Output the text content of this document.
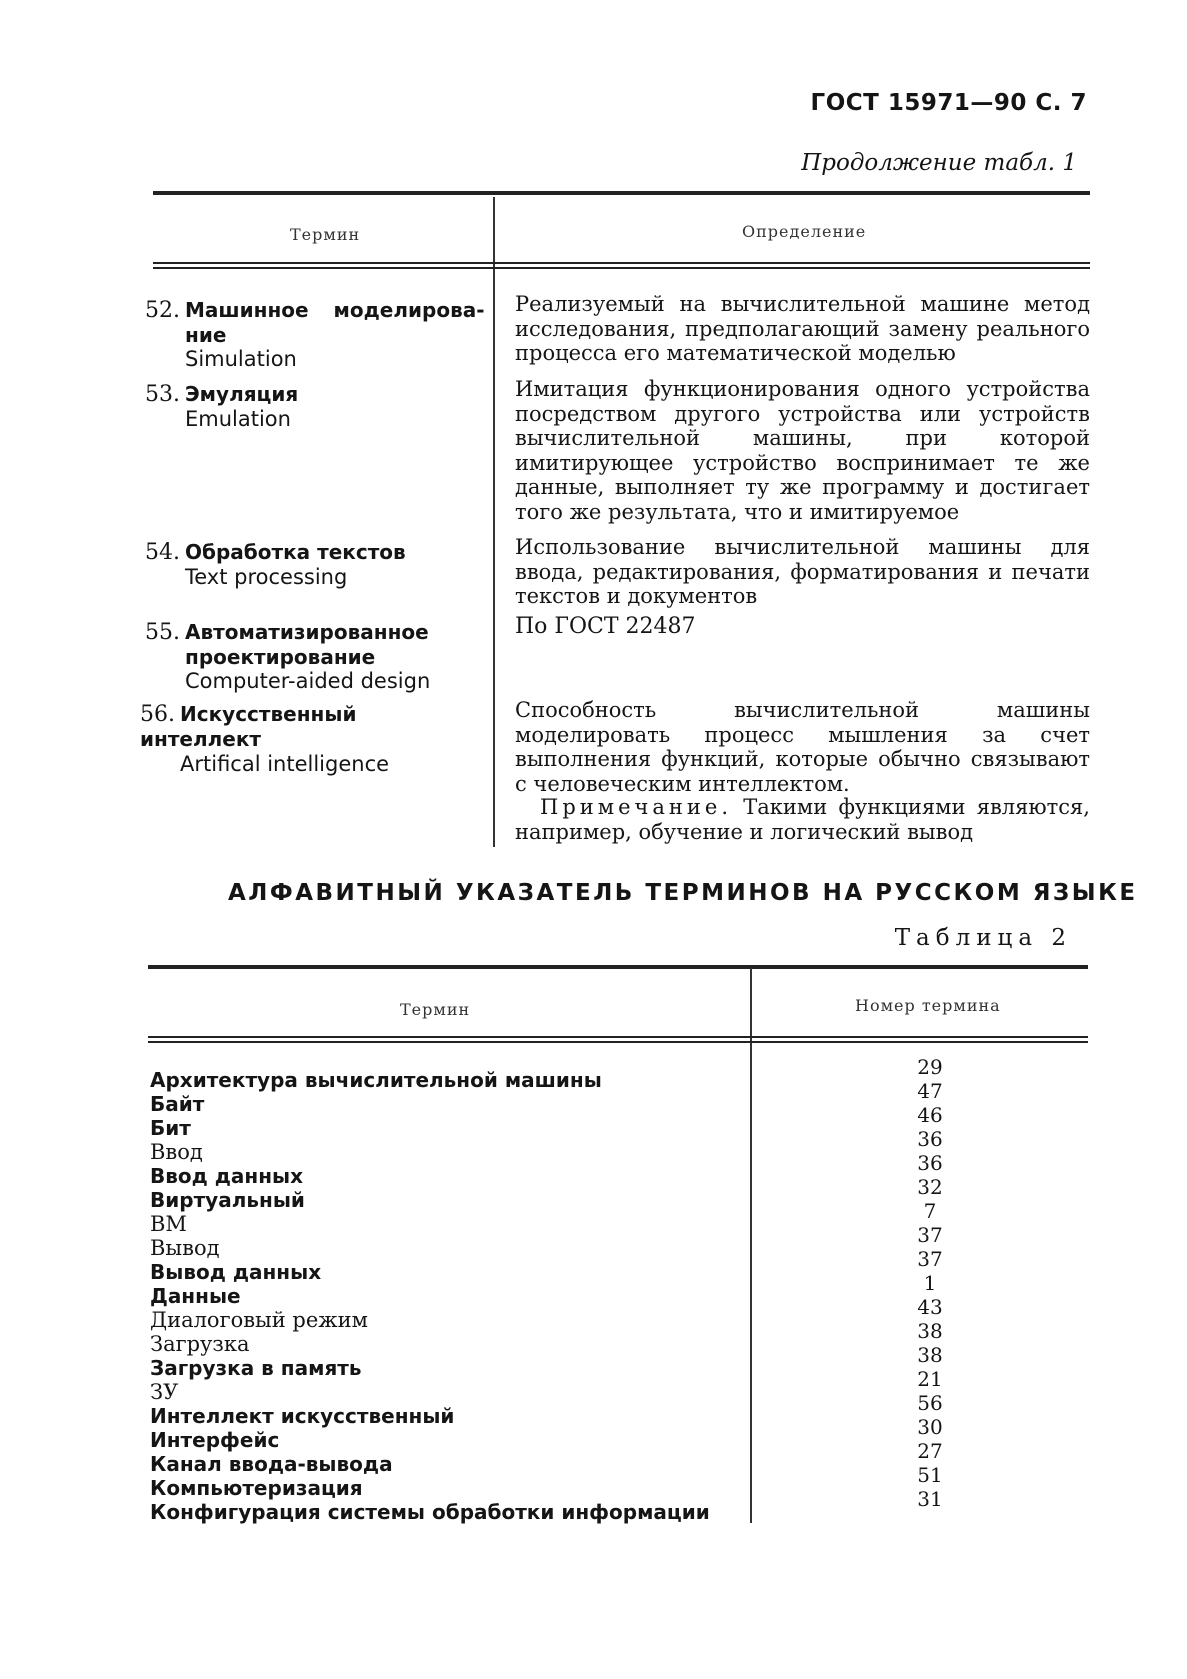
ГОСТ 15971—90 С. 7
Продолжение табл. 1
Термин	Определение
52. Машинное моделирова-
ние
Simulation
Реализуемый на вычислительной машине метод исследования, предполагающий замену реального процесса его математической моделью
53. Эмуляция
Emulation
Имитация функционирования одного устройства посредством другого устройства или устройств вычислительной машины, при которой имитирующее устройство воспринимает те же данные, выполняет ту же программу и достигает того же результата, что и имитируемое
54. Обработка текстов
Text processing
Использование вычислительной машины для ввода, редактирования, форматирования и печати текстов и документов
55. Автоматизированное
проектирование
Computer-aided design
По ГОСТ 22487
56. Искусственный интеллект
Artifical intelligence
Способность вычислительной машины моделировать процесс мышления за счет выполнения функций, которые обычно связывают с человеческим интеллектом.
Примечание. Такими функциями являются, например, обучение и логический вывод
АЛФАВИТНЫЙ УКАЗАТЕЛЬ ТЕРМИНОВ НА РУССКОМ ЯЗЫКЕ
Таблица 2
Термин	Номер термина
Архитектура вычислительной машины
Байт
Бит
Ввод
Ввод данных
Виртуальный
ВМ
Вывод
Вывод данных
Данные
Диалоговый режим
Загрузка
Загрузка в память
ЗУ
Интеллект искусственный
Интерфейс
Канал ввода-вывода
Компьютеризация
Конфигурация системы обработки информации
29
47
46
36
36
32
7
37
37
1
43
38
38
21
56
30
27
51
31
